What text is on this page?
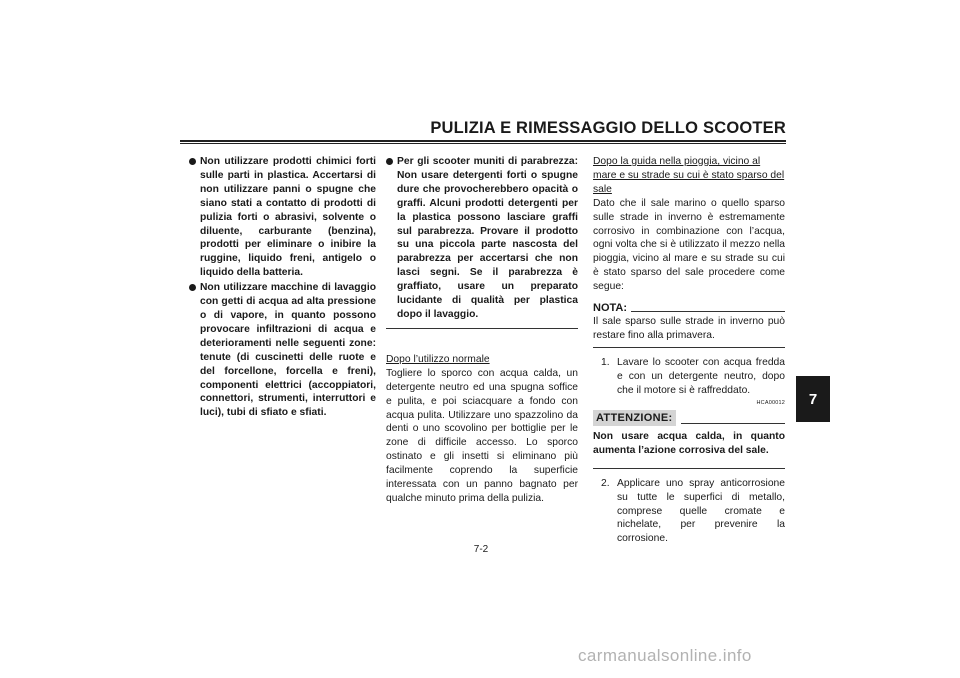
PULIZIA E RIMESSAGGIO DELLO SCOOTER
7
Non utilizzare prodotti chimici forti sulle parti in plastica. Accertarsi di non utilizzare panni o spugne che siano stati a contatto di prodotti di pulizia forti o abrasivi, solvente o diluente, carburante (benzina), prodotti per eliminare o inibire la ruggine, liquido freni, antigelo o liquido della batteria.
Non utilizzare macchine di lavaggio con getti di acqua ad alta pressione o di vapore, in quanto possono provocare infiltrazioni di acqua e deterioramenti nelle seguenti zone: tenute (di cuscinetti delle ruote e del forcellone, forcella e freni), componenti elettrici (accoppiatori, connettori, strumenti, interruttori e luci), tubi di sfiato e sfiati.
Per gli scooter muniti di parabrezza: Non usare detergenti forti o spugne dure che provocherebbero opacità o graffi. Alcuni prodotti detergenti per la plastica possono lasciare graffi sul parabrezza. Provare il prodotto su una piccola parte nascosta del parabrezza per accertarsi che non lasci segni. Se il parabrezza è graffiato, usare un preparato lucidante di qualità per plastica dopo il lavaggio.
Dopo l’utilizzo normale

Togliere lo sporco con acqua calda, un detergente neutro ed una spugna soffice e pulita, e poi sciacquare a fondo con acqua pulita. Utilizzare uno spazzolino da denti o uno scovolino per bottiglie per le zone di difficile accesso. Lo sporco ostinato e gli insetti si eliminano più facilmente coprendo la superficie interessata con un panno bagnato per qualche minuto prima della pulizia.

Dopo la guida nella pioggia, vicino al mare e su strade su cui è stato sparso del sale

Dato che il sale marino o quello sparso sulle strade in inverno è estremamente corrosivo in combinazione con l’acqua, ogni volta che si è utilizzato il mezzo nella pioggia, vicino al mare e su strade su cui è stato sparso del sale procedere come segue:

NOTA:

Il sale sparso sulle strade in inverno può restare fino alla primavera.

1. Lavare lo scooter con acqua fredda e con un detergente neutro, dopo che il motore si è raffreddato.
HCA00012
ATTENZIONE:

Non usare acqua calda, in quanto aumenta l’azione corrosiva del sale.

2. Applicare uno spray anticorrosione su tutte le superfici di metallo, comprese quelle cromate e nichelate, per prevenire la corrosione.
7-2
carmanualsonline.info
